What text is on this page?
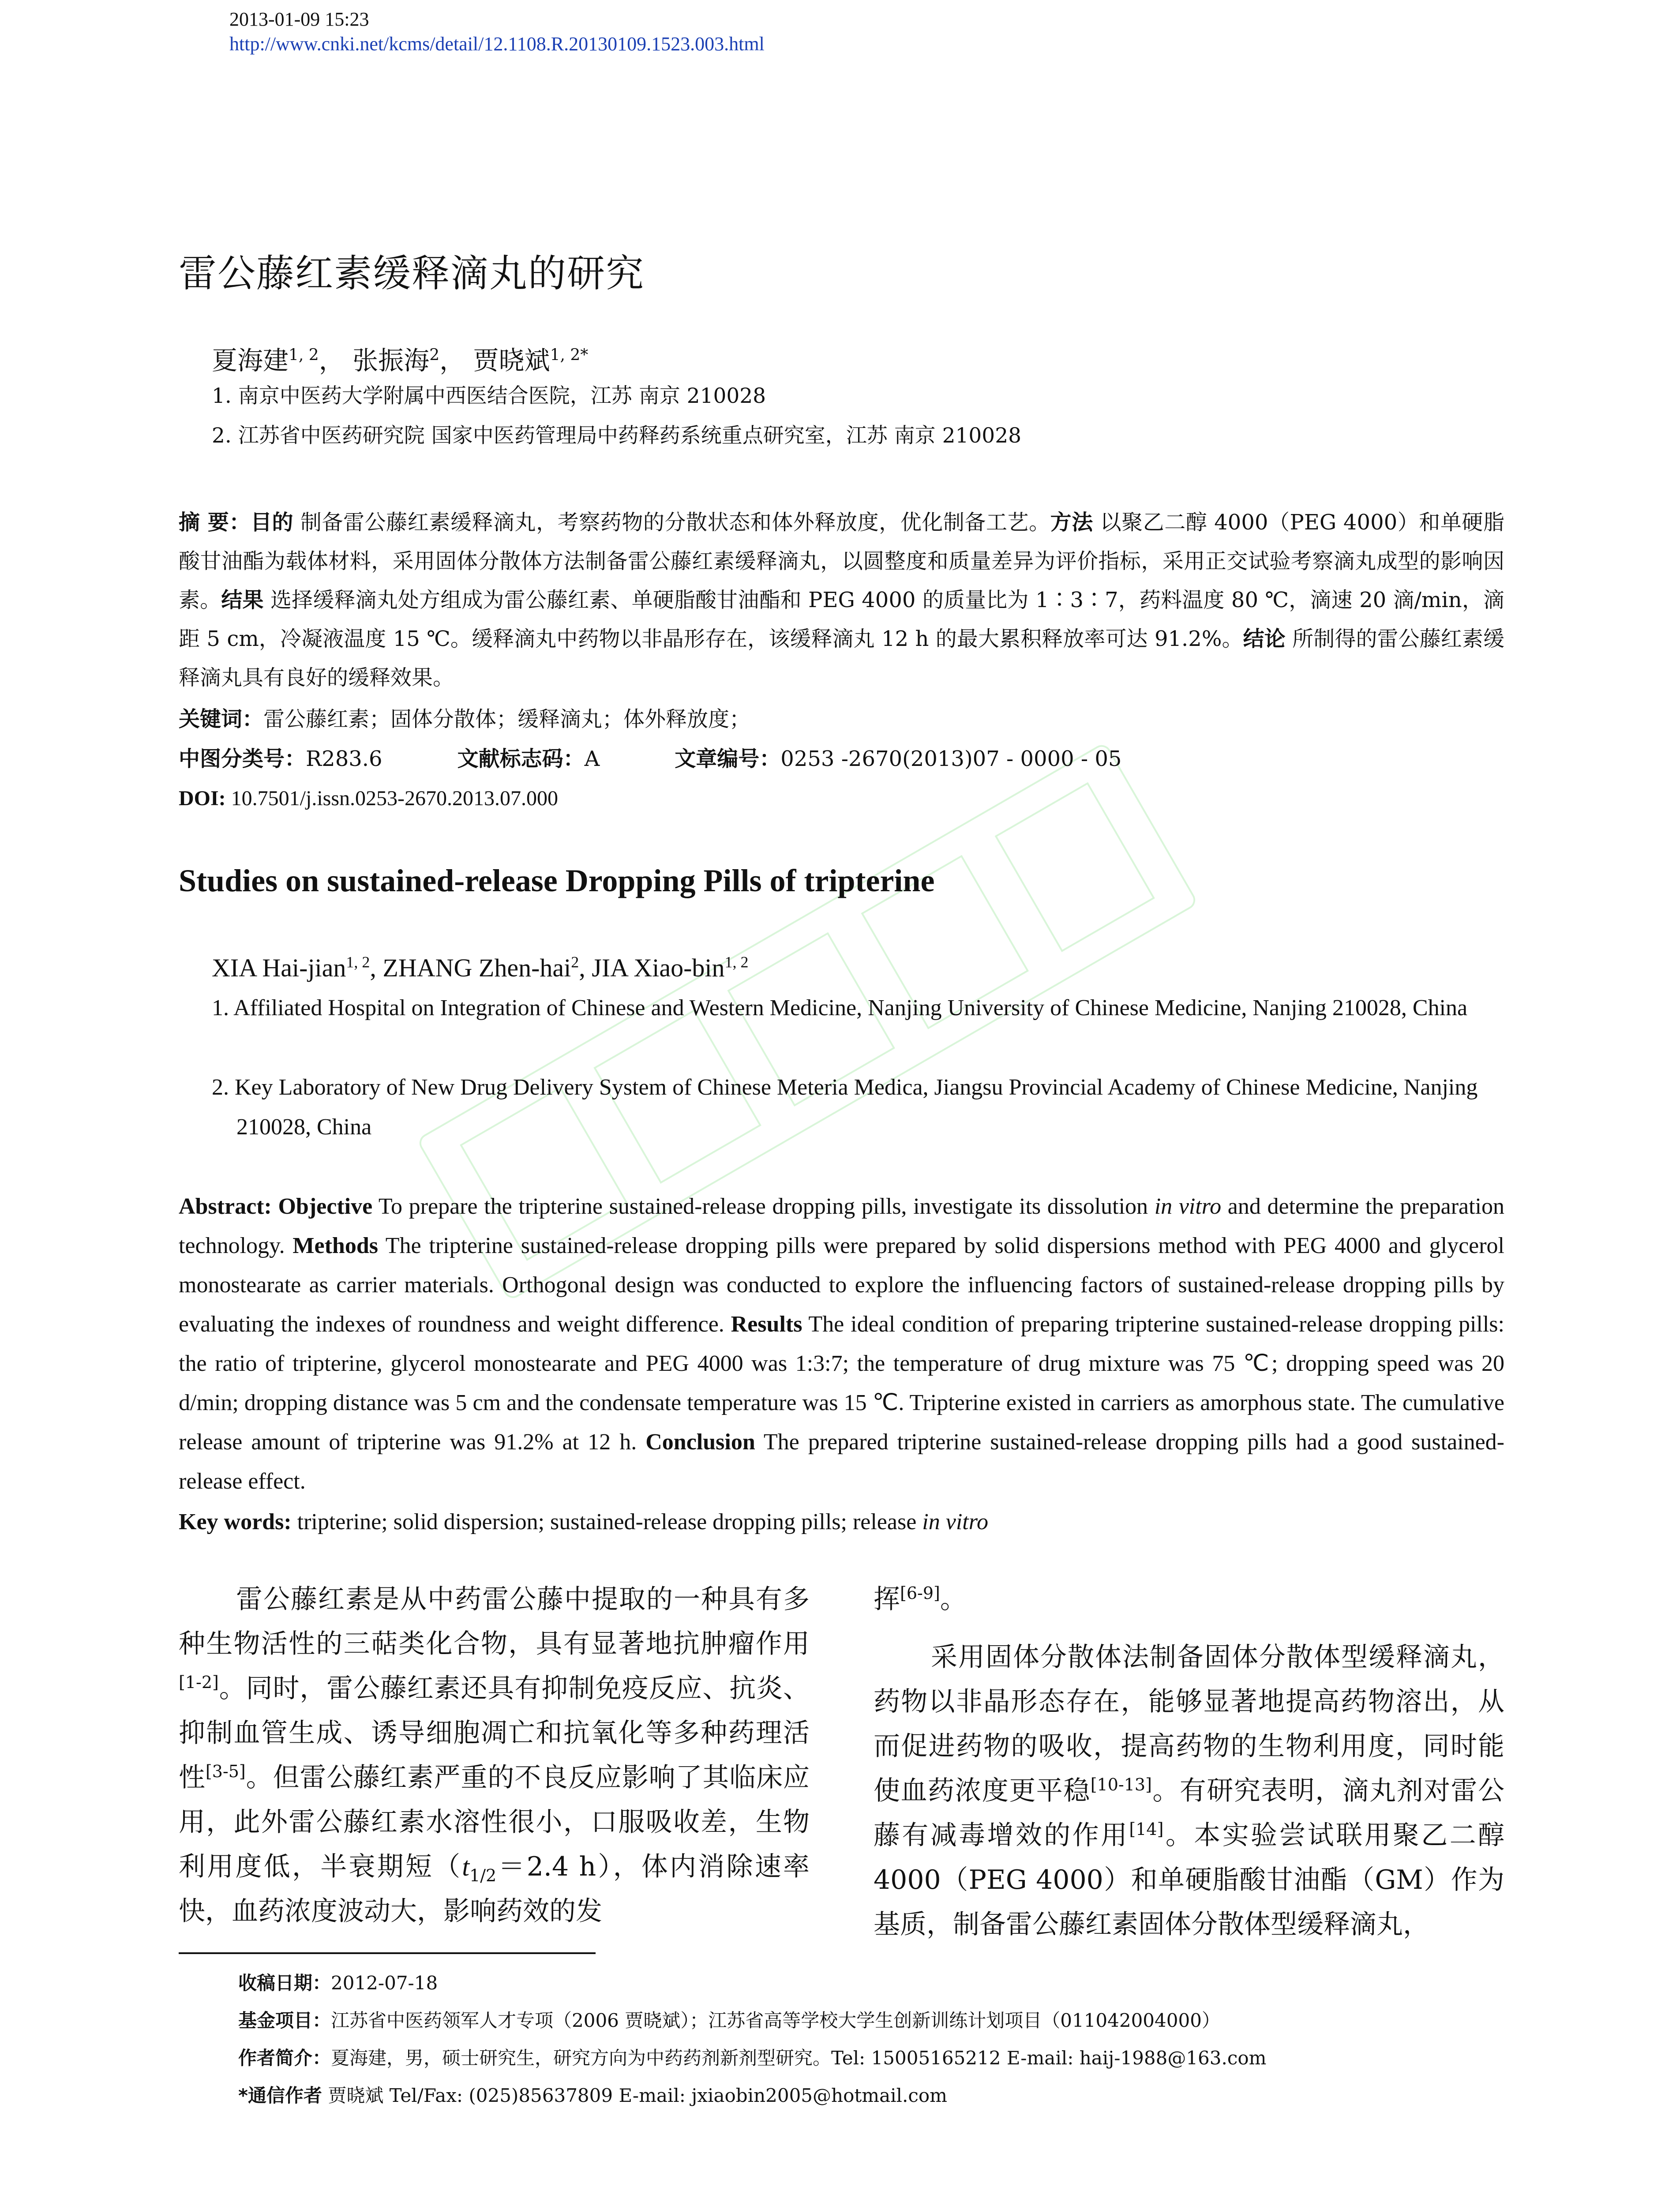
2013-01-09 15:23
http://www.cnki.net/kcms/detail/12.1108.R.20130109.1523.003.html
雷公藤红素缓释滴丸的研究
夏海建$^{1, 2}$， 张振海$^2$， 贾晓斌$^{1, 2*}$
1. 南京中医药大学附属中西医结合医院，江苏 南京 210028
2. 江苏省中医药研究院 国家中医药管理局中药释药系统重点研究室，江苏 南京 210028
摘 要：目的 制备雷公藤红素缓释滴丸，考察药物的分散状态和体外释放度，优化制备工艺。方法 以聚乙二醇 4000（PEG 4000）和单硬脂酸甘油酯为载体材料，采用固体分散体方法制备雷公藤红素缓释滴丸，以圆整度和质量差异为评价指标，采用正交试验考察滴丸成型的影响因素。结果 选择缓释滴丸处方组成为雷公藤红素、单硬脂酸甘油酯和 PEG 4000 的质量比为 1∶3∶7，药料温度 80 ℃，滴速 20 滴/min，滴距 5 cm，冷凝液温度 15 ℃。缓释滴丸中药物以非晶形存在，该缓释滴丸 12 h 的最大累积释放率可达 91.2%。结论 所制得的雷公藤红素缓释滴丸具有良好的缓释效果。
关键词：雷公藤红素；固体分散体；缓释滴丸；体外释放度；
中图分类号：R283.6	文献标志码：A	文章编号：0253 -2670(2013)07 - 0000 - 05
DOI: 10.7501/j.issn.0253-2670.2013.07.000
Studies on sustained-release Dropping Pills of tripterine
XIA Hai-jian$^{1, 2}$, ZHANG Zhen-hai$^2$, JIA Xiao-bin$^{1, 2}$
1. Affiliated Hospital on Integration of Chinese and Western Medicine, Nanjing University of Chinese Medicine, Nanjing 210028, China
2. Key Laboratory of New Drug Delivery System of Chinese Meteria Medica, Jiangsu Provincial Academy of Chinese Medicine, Nanjing 210028, China
Abstract: Objective To prepare the tripterine sustained-release dropping pills, investigate its dissolution in vitro and determine the preparation technology. Methods The tripterine sustained-release dropping pills were prepared by solid dispersions method with PEG 4000 and glycerol monostearate as carrier materials. Orthogonal design was conducted to explore the influencing factors of sustained-release dropping pills by evaluating the indexes of roundness and weight difference. Results The ideal condition of preparing tripterine sustained-release dropping pills: the ratio of tripterine, glycerol monostearate and PEG 4000 was 1:3:7; the temperature of drug mixture was 75 ℃; dropping speed was 20 d/min; dropping distance was 5 cm and the condensate temperature was 15 ℃. Tripterine existed in carriers as amorphous state. The cumulative release amount of tripterine was 91.2% at 12 h. Conclusion The prepared tripterine sustained-release dropping pills had a good sustained-release effect.
Key words: tripterine; solid dispersion; sustained-release dropping pills; release in vitro

雷公藤红素是从中药雷公藤中提取的一种具有多种生物活性的三萜类化合物，具有显著地抗肿瘤作用[1-2]。同时，雷公藤红素还具有抑制免疫反应、抗炎、抑制血管生成、诱导细胞凋亡和抗氧化等多种药理活性[3-5]。但雷公藤红素严重的不良反应影响了其临床应用，此外雷公藤红素水溶性很小，口服吸收差，生物利用度低，半衰期短（$t_{1/2}=2.4$ h），体内消除速率快，血药浓度波动大，影响药效的发

挥[6-9]。

采用固体分散体法制备固体分散体型缓释滴丸，药物以非晶形态存在，能够显著地提高药物溶出，从而促进药物的吸收，提高药物的生物利用度，同时能使血药浓度更平稳[10-13]。有研究表明，滴丸剂对雷公藤有减毒增效的作用[14]。本实验尝试联用聚乙二醇 4000（PEG 4000）和单硬脂酸甘油酯（GM）作为基质，制备雷公藤红素固体分散体型缓释滴丸，

收稿日期：2012-07-18
基金项目：江苏省中医药领军人才专项（2006 贾晓斌）；江苏省高等学校大学生创新训练计划项目（011042004000）
作者简介：夏海建，男，硕士研究生，研究方向为中药药剂新剂型研究。Tel: 15005165212 E-mail: haij-1988@163.com
*通信作者 贾晓斌 Tel/Fax: (025)85637809 E-mail: jxiaobin2005@hotmail.com
